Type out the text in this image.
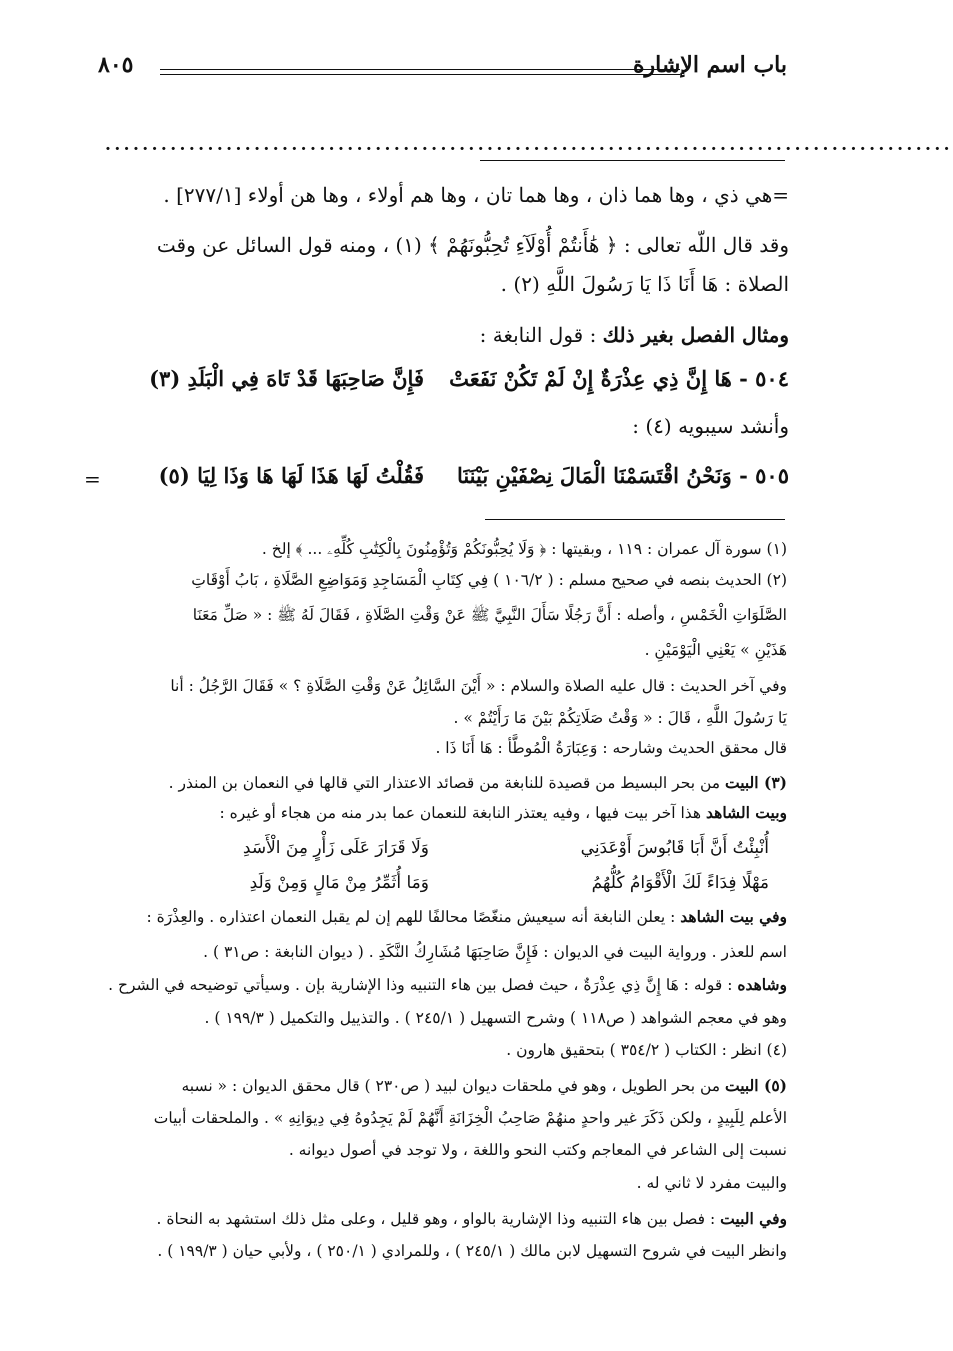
باب اسم الإشارة
٨٠٥
...........................................................................................
=هي ذي ، وها هما ذان ، وها هما تان ، وها هم أولاء ، وها هن أولاء [٢٧٧/١] .
وقد قال اللّه تعالى : ﴿ هَٰأَنتُمْ أُوْلَآءِ تُحِبُّونَهُمْ ﴾ (١) ، ومنه قول السائل عن وقت
الصلاة : هَا أَنَا ذَا يَا رَسُولَ اللَّهِ (٢) .
ومثال الفصل بغير ذلك : قول النابغة :
٥٠٤ - هَا إِنَّ ذِي عِذْرَةٌ إِنْ لَمْ تَكُنْ نَفَعَتْ
فَإِنَّ صَاحِبَهَا قَدْ تَاهَ فِي الْبَلَدِ (٣)
وأنشد سيبويه (٤) :
٥٠٥ - وَنَحْنُ اقْتَسَمْنَا الْمَالَ نِصْفَيْنِ بَيْنَنَا
فَقُلْتُ لَهَا هَذَا لَهَا هَا وَذَا لِيَا (٥)
=
(١) سورة آل عمران : ١١٩ ، وبقيتها : ﴿ وَلَا يُحِبُّونَكُمْ وَتُؤْمِنُونَ بِالْكِتَٰبِ كُلِّهِۦ ... ﴾ إلخ .
(٢) الحديث بنصه في صحيح مسلم : ( ١٠٦/٢ ) فِي كِتَابِ الْمَسَاجِدِ وَمَوَاضِعِ الصَّلَاةِ ، بَابُ أَوْقَاتِ
الصَّلَوَاتِ الْخَمْسِ ، وأصله : أَنَّ رَجُلًا سَأَلَ النَّبِيَّ ﷺ عَنْ وَقْتِ الصَّلَاةِ ، فَقَالَ لَهُ ﷺ : « صَلِّ مَعَنَا
هَذَيْنِ » يَعْنِي الْيَوْمَيْنِ .
وفي آخر الحديث : قال عليه الصلاة والسلام : « أَيْنَ السَّائِلُ عَنْ وَقْتِ الصَّلَاةِ ؟ » فَقَالَ الرَّجُلُ : أنا
يَا رَسُولَ اللَّهِ ، قَالَ : « وَقْتُ صَلَاتِكُمْ بَيْنَ مَا رَأَيْتُمْ » .
قال محقق الحديث وشارحه : وَعِبَارَةُ الْمُوطَّأ : هَا أَنَا ذَا .
(٣) البيت من بحر البسيط من قصيدة للنابغة من قصائد الاعتذار التي قالها في النعمان بن المنذر .
وبيت الشاهد هذا آخر بيت فيها ، وفيه يعتذر النابغة للنعمان عما بدر منه من هجاء أو غيره :
أُنْبِئْتُ أَنَّ أَبَا قَابُوسَ أَوْعَدَنِي
وَلَا قَرَارَ عَلَى زَأْرٍ مِنَ الْأَسَدِ
مَهْلًا فِدَاءً لَكَ الْأَقْوَامُ كُلُّهُمُ
وَمَا أُثَمِّرُ مِنْ مَالٍ وَمِنْ وَلَدِ
وفي بيت الشاهد : يعلن النابغة أنه سيعيش منغّصًا محالفًا للهم إن لم يقبل النعمان اعتذاره . والعِذْرَة :
اسم للعذر . ورواية البيت في الديوان : فَإِنَّ صَاحِبَهَا مُشَارِكُ النَّكَدِ . ( ديوان النابغة : ص٣١ ) .
وشاهده : قوله : هَا إِنَّ ذِي عِذْرَةٌ ، حيث فصل بين هاء التنبيه وذا الإشارية بإن . وسيأتي توضيحه في الشرح .
وهو في معجم الشواهد ( ص١١٨ ) وشرح التسهيل ( ٢٤٥/١ ) . والتذييل والتكميل ( ١٩٩/٣ ) .
(٤) انظر : الكتاب ( ٣٥٤/٢ ) بتحقيق هارون .
(٥) البيت من بحر الطويل ، وهو في ملحقات ديوان لبيد ( ص٢٣٠ ) قال محقق الديوان : « نسبه
الأعلم لِلَبِيدٍ ، ولكن ذَكَرَ غير واحدٍ منهُمْ صَاحِبُ الْخِزَانَةِ أَنَّهُمْ لَمْ يَجِدُوهُ فِي دِيوَانِهِ » . والملحقات أبيات
نسبت إلى الشاعر في المعاجم وكتب النحو واللغة ، ولا توجد في أصول ديوانه .
والبيت مفرد لا ثاني له .
وفي البيت : فصل بين هاء التنبيه وذا الإشارية بالواو ، وهو قليل ، وعلى مثل ذلك استشهد به النحاة .
وانظر البيت في شروح التسهيل لابن مالك ( ٢٤٥/١ ) ، وللمرادي ( ٢٥٠/١ ) ، ولأبي حيان ( ١٩٩/٣ ) .
